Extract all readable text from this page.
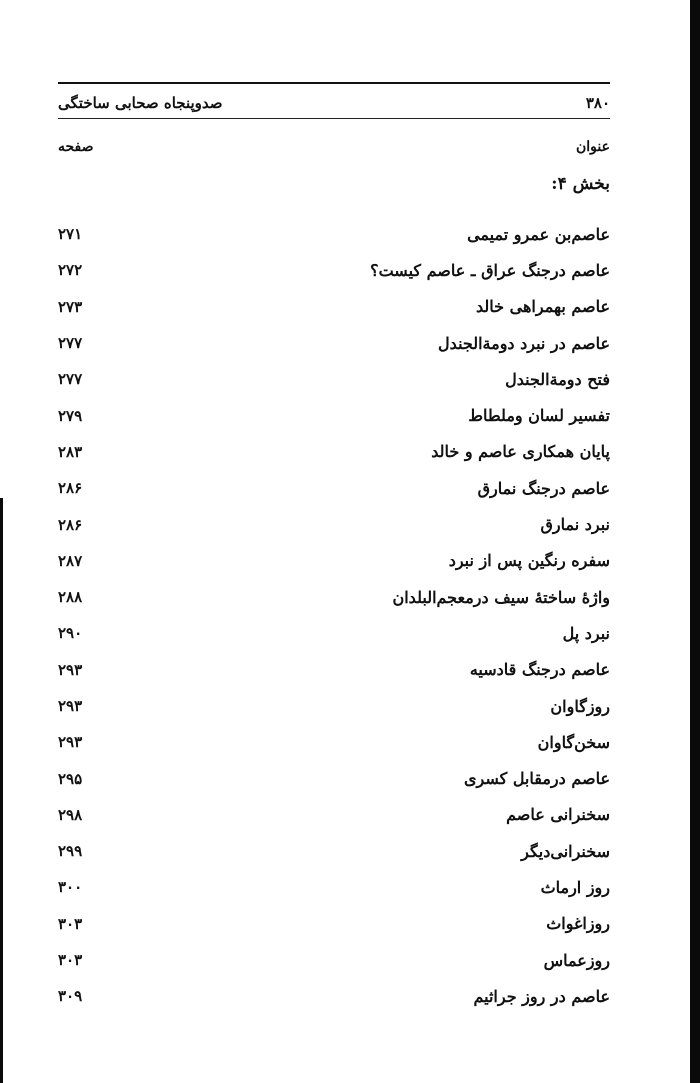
۳۸۰
صدوپنجاه صحابی ساختگی
عنوان
صفحه
بخش ۴:
عاصم‌بن عمرو تمیمی
۲۷۱
عاصم درجنگ عراق ـ عاصم کیست؟
۲۷۲
عاصم بهمراهی خالد
۲۷۳
عاصم در نبرد دومة‌الجندل
۲۷۷
فتح دومة‌الجندل
۲۷۷
تفسیر لسان وملطاط
۲۷۹
پایان همکاری عاصم و خالد
۲۸۳
عاصم درجنگ نمارق
۲۸۶
نبرد نمارق
۲۸۶
سفره رنگین پس از نبرد
۲۸۷
واژهٔ ساختهٔ سیف درمعجم‌البلدان
۲۸۸
نبرد پل
۲۹۰
عاصم درجنگ قادسیه
۲۹۳
روزگاوان
۲۹۳
سخن‌گاوان
۲۹۳
عاصم درمقابل کسری
۲۹۵
سخنرانی عاصم
۲۹۸
سخنرانی‌دیگر
۲۹۹
روز ارماث
۳۰۰
روزاغواث
۳۰۳
روزعماس
۳۰۳
عاصم در روز جراثیم
۳۰۹
